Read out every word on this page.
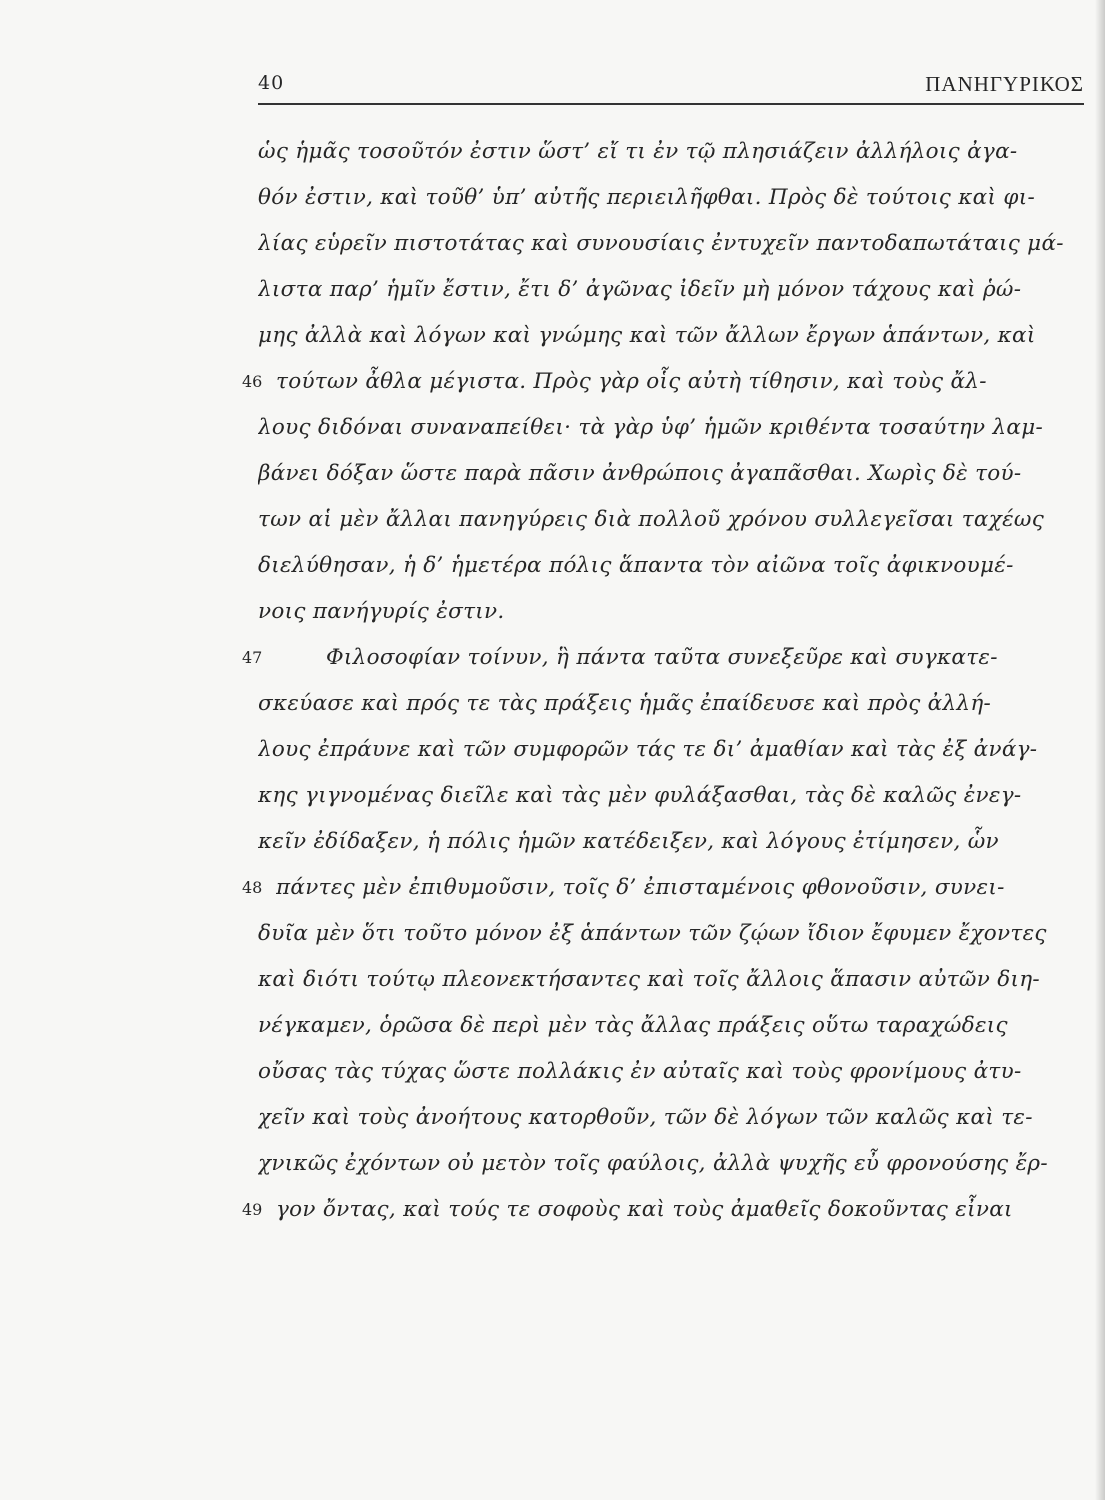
40	ΠΑΝΗΓΥΡΙΚΟΣ
ὡς ἡμᾶς τοσοῦτόν ἐστιν ὥστ’ εἴ τι ἐν τῷ πλησιάζειν ἀλλήλοις ἀγα-
θόν ἐστιν, καὶ τοῦθ’ ὑπ’ αὐτῆς περιειλῆφθαι. Πρὸς δὲ τούτοις καὶ φι-
λίας εὑρεῖν πιστοτάτας καὶ συνουσίαις ἐντυχεῖν παντοδαπωτάταις μά-
λιστα παρ’ ἡμῖν ἔστιν, ἔτι δ’ ἀγῶνας ἰδεῖν μὴ μόνον τάχους καὶ ῥώ-
μης ἀλλὰ καὶ λόγων καὶ γνώμης καὶ τῶν ἄλλων ἔργων ἁπάντων, καὶ
46 τούτων ἆθλα μέγιστα. Πρὸς γὰρ οἷς αὐτὴ τίθησιν, καὶ τοὺς ἄλ-
λους διδόναι συναναπείθει· τὰ γὰρ ὑφ’ ἡμῶν κριθέντα τοσαύτην λαμ-
βάνει δόξαν ὥστε παρὰ πᾶσιν ἀνθρώποις ἀγαπᾶσθαι. Χωρὶς δὲ τού-
των αἱ μὲν ἄλλαι πανηγύρεις διὰ πολλοῦ χρόνου συλλεγεῖσαι ταχέως
διελύθησαν, ἡ δ’ ἡμετέρα πόλις ἅπαντα τὸν αἰῶνα τοῖς ἀφικνουμέ-
νοις πανήγυρίς ἐστιν.
47	Φιλοσοφίαν τοίνυν, ἣ πάντα ταῦτα συνεξεῦρε καὶ συγκατε-
σκεύασε καὶ πρός τε τὰς πράξεις ἡμᾶς ἐπαίδευσε καὶ πρὸς ἀλλή-
λους ἐπράυνε καὶ τῶν συμφορῶν τάς τε δι’ ἀμαθίαν καὶ τὰς ἐξ ἀνάγ-
κης γιγνομένας διεῖλε καὶ τὰς μὲν φυλάξασθαι, τὰς δὲ καλῶς ἐνεγ-
κεῖν ἐδίδαξεν, ἡ πόλις ἡμῶν κατέδειξεν, καὶ λόγους ἐτίμησεν, ὧν
48 πάντες μὲν ἐπιθυμοῦσιν, τοῖς δ’ ἐπισταμένοις φθονοῦσιν, συνει-
δυῖα μὲν ὅτι τοῦτο μόνον ἐξ ἁπάντων τῶν ζῴων ἴδιον ἔφυμεν ἔχοντες
καὶ διότι τούτῳ πλεονεκτήσαντες καὶ τοῖς ἄλλοις ἅπασιν αὐτῶν διη-
νέγκαμεν, ὁρῶσα δὲ περὶ μὲν τὰς ἄλλας πράξεις οὕτω ταραχώδεις
οὔσας τὰς τύχας ὥστε πολλάκις ἐν αὐταῖς καὶ τοὺς φρονίμους ἀτυ-
χεῖν καὶ τοὺς ἀνοήτους κατορθοῦν, τῶν δὲ λόγων τῶν καλῶς καὶ τε-
χνικῶς ἐχόντων οὐ μετὸν τοῖς φαύλοις, ἀλλὰ ψυχῆς εὖ φρονούσης ἔρ-
49 γον ὄντας, καὶ τούς τε σοφοὺς καὶ τοὺς ἀμαθεῖς δοκοῦντας εἶναι
